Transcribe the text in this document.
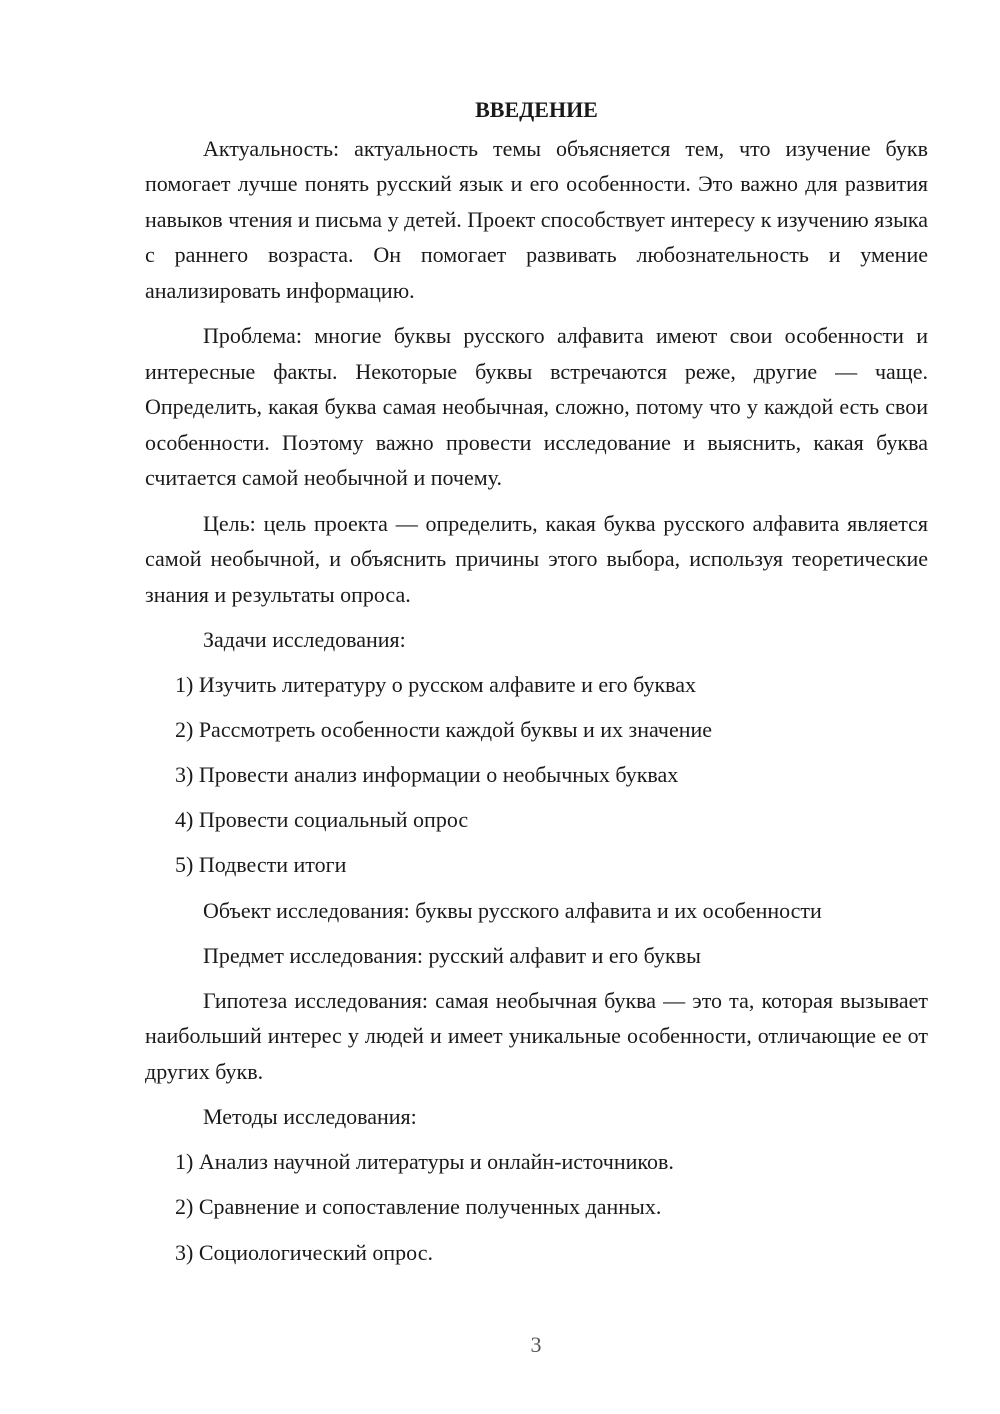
ВВЕДЕНИЕ

Актуальность: актуальность темы объясняется тем, что изучение букв помогает лучше понять русский язык и его особенности. Это важно для развития навыков чтения и письма у детей. Проект способствует интересу к изучению языка с раннего возраста. Он помогает развивать любознательность и умение анализировать информацию.

Проблема: многие буквы русского алфавита имеют свои особенности и интересные факты. Некоторые буквы встречаются реже, другие — чаще. Определить, какая буква самая необычная, сложно, потому что у каждой есть свои особенности. Поэтому важно провести исследование и выяснить, какая буква считается самой необычной и почему.

Цель: цель проекта — определить, какая буква русского алфавита является самой необычной, и объяснить причины этого выбора, используя теоретические знания и результаты опроса.

Задачи исследования:
1) Изучить литературу о русском алфавите и его буквах
2) Рассмотреть особенности каждой буквы и их значение
3) Провести анализ информации о необычных буквах
4) Провести социальный опрос
5) Подвести итоги
Объект исследования: буквы русского алфавита и их особенности
Предмет исследования: русский алфавит и его буквы

Гипотеза исследования: самая необычная буква — это та, которая вызывает наибольший интерес у людей и имеет уникальные особенности, отличающие ее от других букв.

Методы исследования:
1) Анализ научной литературы и онлайн-источников.
2) Сравнение и сопоставление полученных данных.
3) Социологический опрос.
3
